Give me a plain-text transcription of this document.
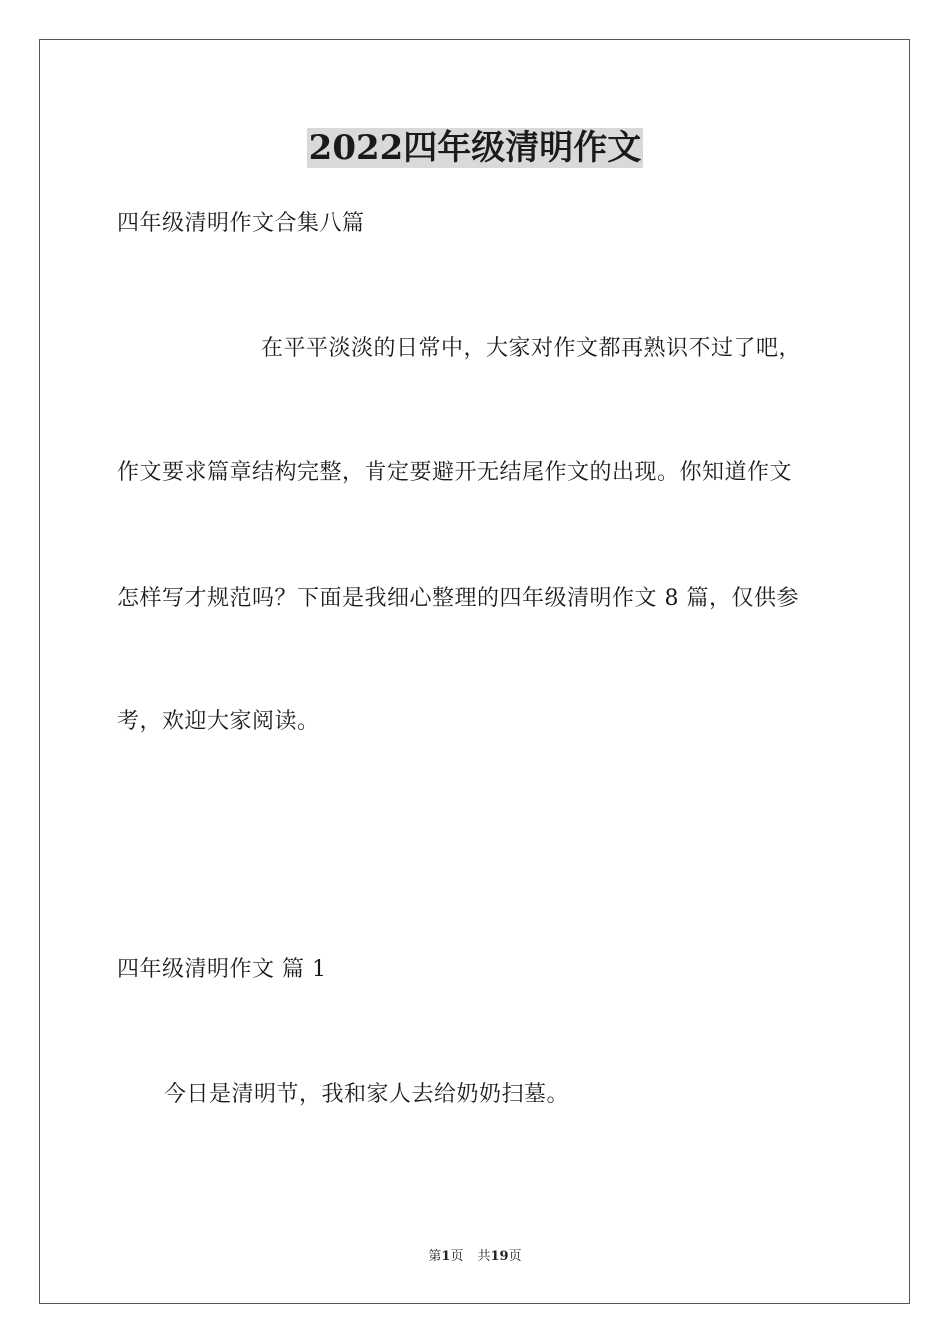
2022四年级清明作文
四年级清明作文合集八篇
在平平淡淡的日常中，大家对作文都再熟识不过了吧，
作文要求篇章结构完整，肯定要避开无结尾作文的出现。你知道作文
怎样写才规范吗？下面是我细心整理的四年级清明作文 8 篇，仅供参
考，欢迎大家阅读。
四年级清明作文 篇 1
今日是清明节，我和家人去给奶奶扫墓。
第1页 共19页
